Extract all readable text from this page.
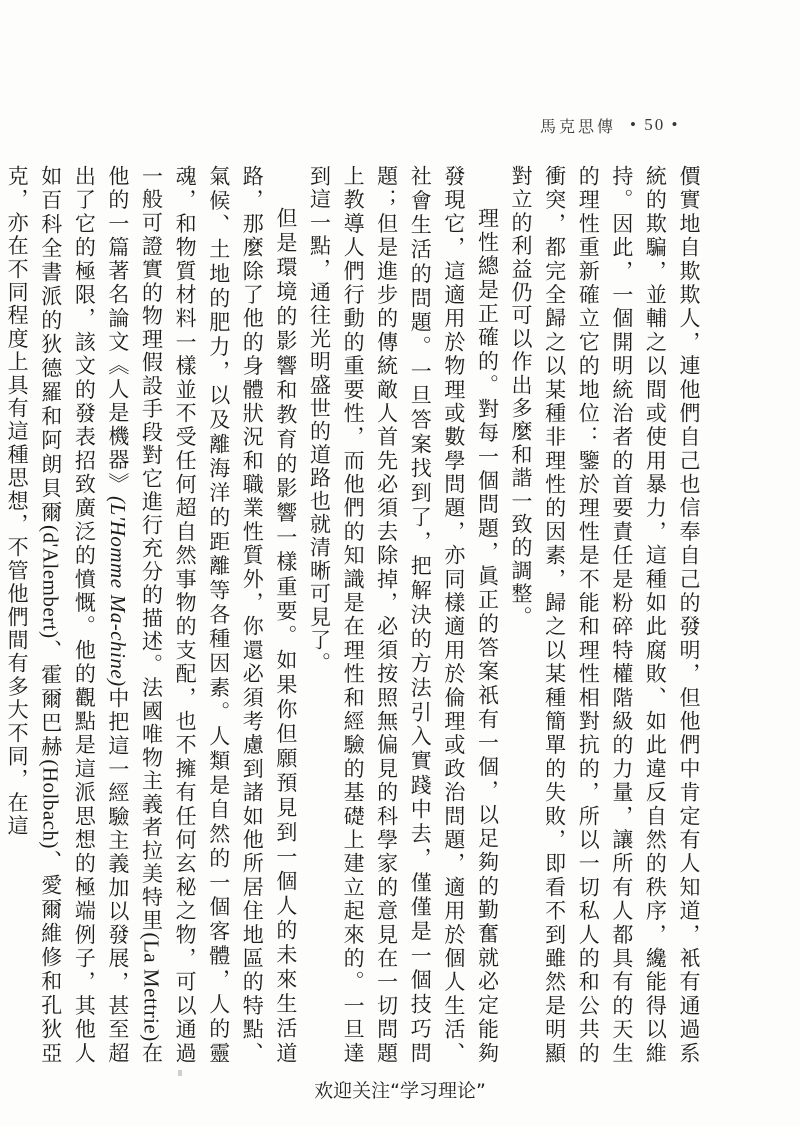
馬克思傳 • 50 •

價實地自欺欺人，連他們自己也信奉自己的發明，但他們中肯定有人知道，衹有通過系統的欺騙，並輔之以間或使用暴力，這種如此腐敗、如此違反自然的秩序，纔能得以維持。因此，一個開明統治者的首要責任是粉碎特權階級的力量，讓所有人都具有的天生的理性重新確立它的地位：鑒於理性是不能和理性相對抗的，所以一切私人的和公共的衝突，都完全歸之以某種非理性的因素，歸之以某種簡單的失敗，即看不到雖然是明顯對立的利益仍可以作出多麼和諧一致的調整。

理性總是正確的。對每一個問題，眞正的答案祇有一個，以足夠的勤奮就必定能夠發現它，這適用於物理或數學問題，亦同樣適用於倫理或政治問題，適用於個人生活、社會生活的問題。一旦答案找到了，把解決的方法引入實踐中去，僅僅是一個技巧問題；但是進步的傳統敵人首先必須去除掉，必須按照無偏見的科學家的意見在一切問題上教導人們行動的重要性，而他們的知識是在理性和經驗的基礎上建立起來的。一旦達到這一點，通往光明盛世的道路也就清晰可見了。

但是環境的影響和教育的影響一樣重要。如果你但願預見到一個人的未來生活道路，那麼除了他的身體狀況和職業性質外，你還必須考慮到諸如他所居住地區的特點、氣候、土地的肥力，以及離海洋的距離等各種因素。人類是自然的一個客體，人的靈魂，和物質材料一樣並不受任何超自然事物的支配，也不擁有任何玄秘之物，可以通過一般可證實的物理假設手段對它進行充分的描述。法國唯物主義者拉美特里(La Mettrie)在他的一篇著名論文《人是機器》(L'Homme Ma-chine)中把這一經驗主義加以發展，甚至超出了它的極限，該文的發表招致廣泛的憤慨。他的觀點是這派思想的極端例子，其他人如百科全書派的狄德羅和阿朗貝爾(d'Alembert)、霍爾巴赫(Holbach)、愛爾維修和孔狄亞克，亦在不同程度上具有這種思想，不管他們間有多大不同，在這

欢迎关注“学习理论”
